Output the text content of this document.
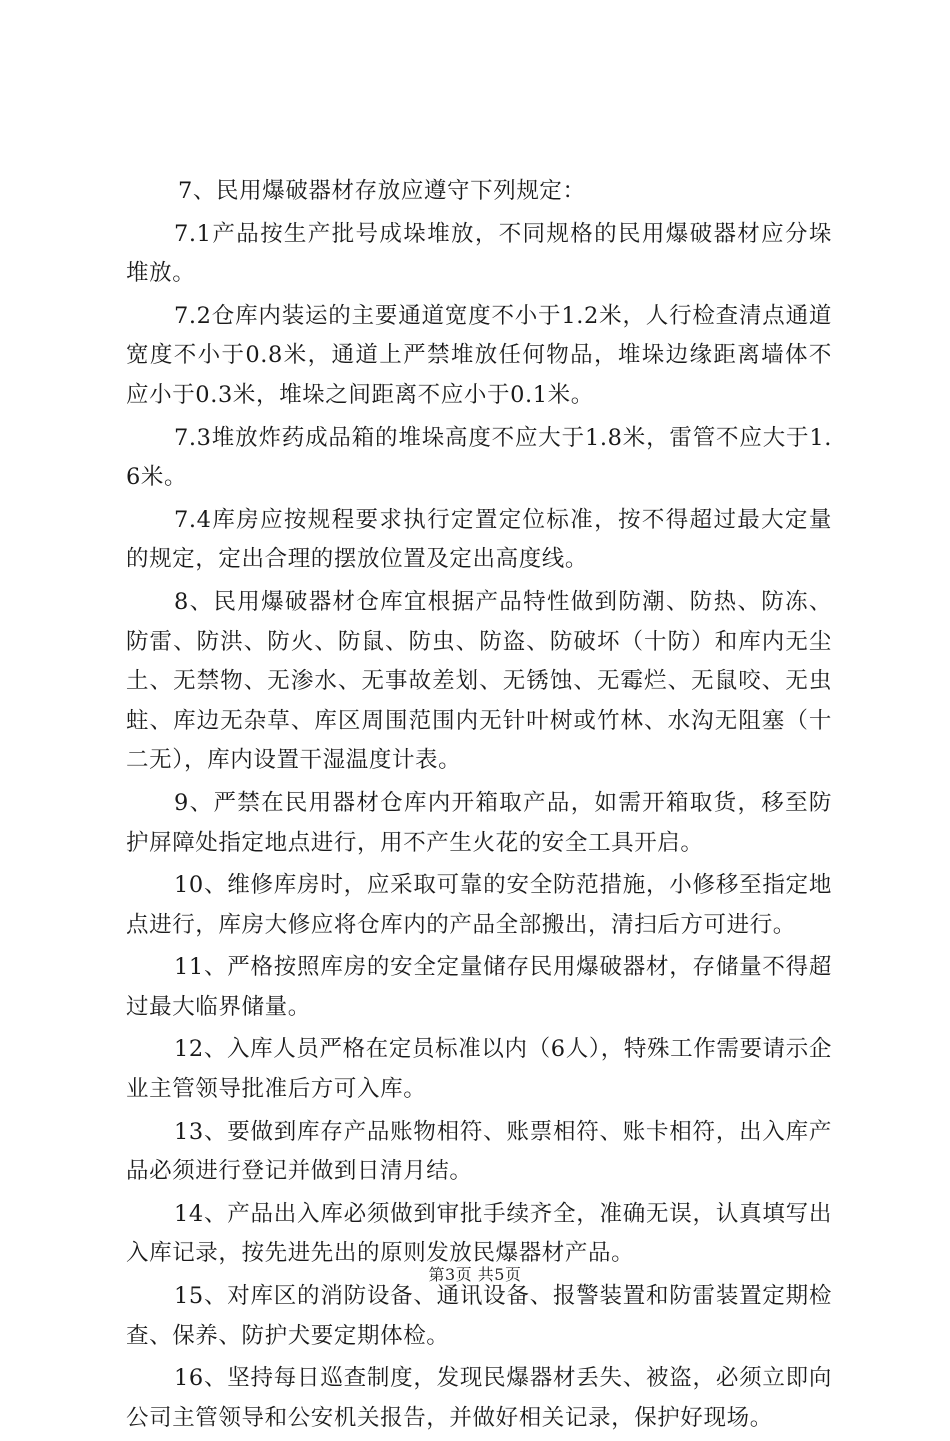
7、民用爆破器材存放应遵守下列规定：

7.1产品按生产批号成垛堆放，不同规格的民用爆破器材应分垛堆放。

7.2仓库内装运的主要通道宽度不小于1.2米，人行检查清点通道宽度不小于0.8米，通道上严禁堆放任何物品，堆垛边缘距离墙体不应小于0.3米，堆垛之间距离不应小于0.1米。

7.3堆放炸药成品箱的堆垛高度不应大于1.8米，雷管不应大于1.6米。

7.4库房应按规程要求执行定置定位标准，按不得超过最大定量的规定，定出合理的摆放位置及定出高度线。

8、民用爆破器材仓库宜根据产品特性做到防潮、防热、防冻、防雷、防洪、防火、防鼠、防虫、防盗、防破坏（十防）和库内无尘土、无禁物、无渗水、无事故差划、无锈蚀、无霉烂、无鼠咬、无虫蛀、库边无杂草、库区周围范围内无针叶树或竹林、水沟无阻塞（十二无），库内设置干湿温度计表。

9、严禁在民用器材仓库内开箱取产品，如需开箱取货，移至防护屏障处指定地点进行，用不产生火花的安全工具开启。

10、维修库房时，应采取可靠的安全防范措施，小修移至指定地点进行，库房大修应将仓库内的产品全部搬出，清扫后方可进行。

11、严格按照库房的安全定量储存民用爆破器材，存储量不得超过最大临界储量。

12、入库人员严格在定员标准以内（6人），特殊工作需要请示企业主管领导批准后方可入库。

13、要做到库存产品账物相符、账票相符、账卡相符，出入库产品必须进行登记并做到日清月结。

14、产品出入库必须做到审批手续齐全，准确无误，认真填写出入库记录，按先进先出的原则发放民爆器材产品。

15、对库区的消防设备、通讯设备、报警装置和防雷装置定期检查、保养、防护犬要定期体检。

16、坚持每日巡查制度，发现民爆器材丢失、被盗，必须立即向公司主管领导和公安机关报告，并做好相关记录，保护好现场。

第3页 共5页
